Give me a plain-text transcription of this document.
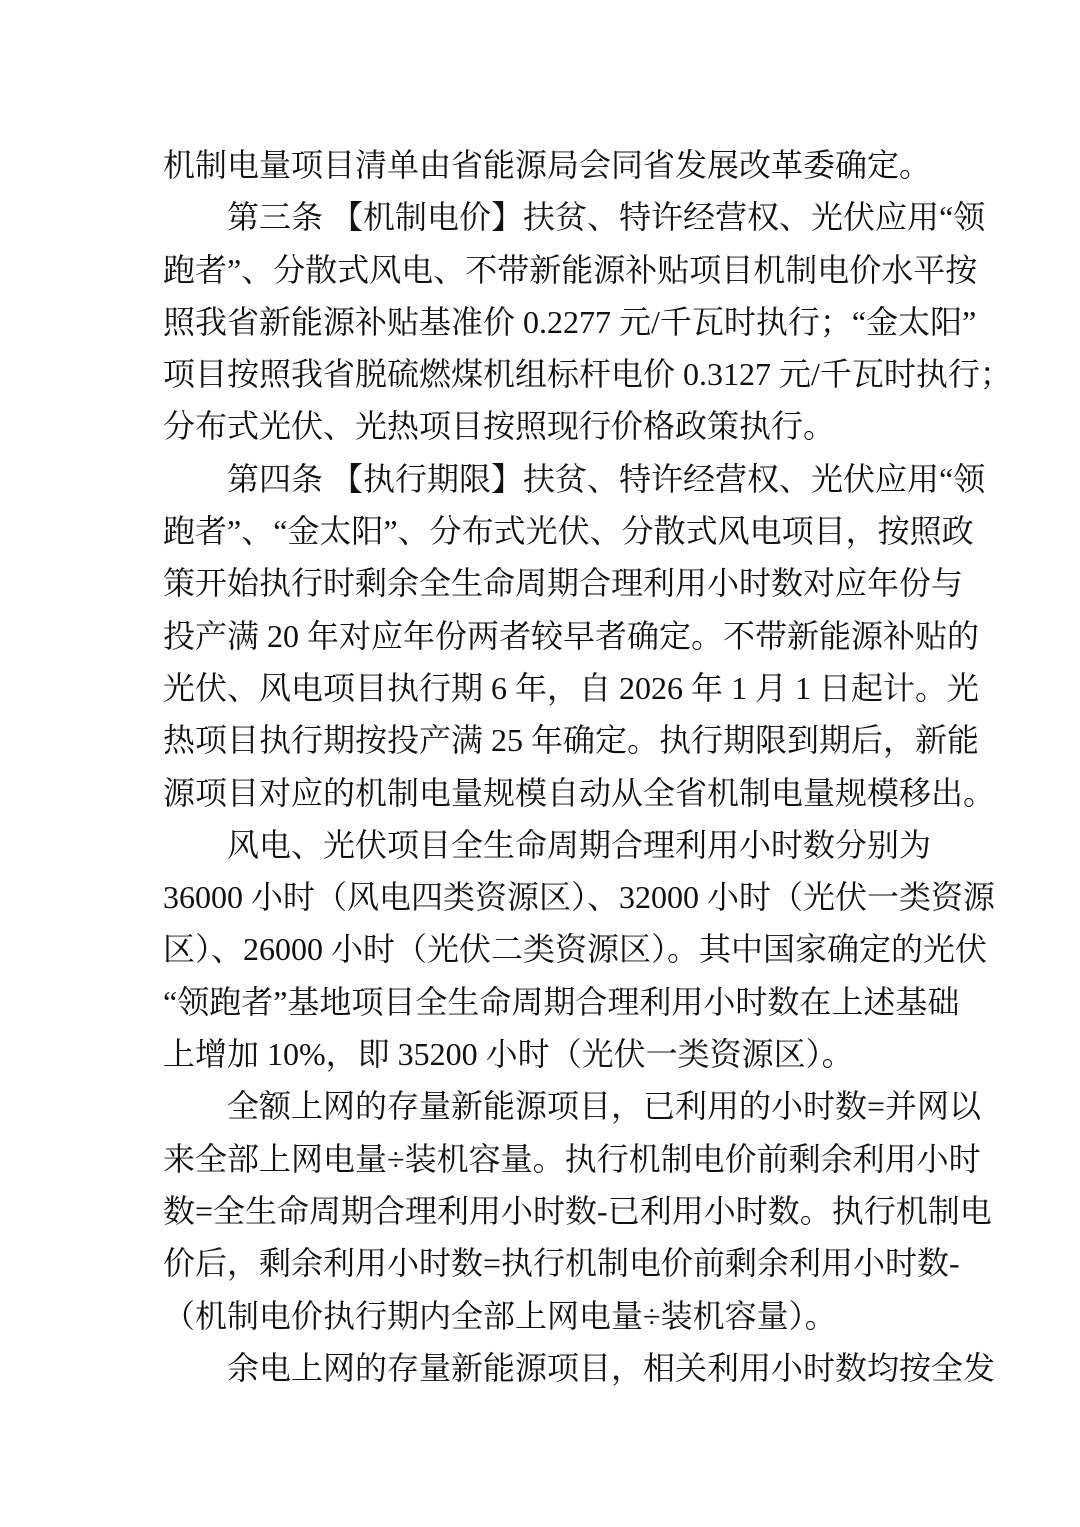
机制电量项目清单由省能源局会同省发展改革委确定。
第三条 【机制电价】扶贫、特许经营权、光伏应用“领
跑者”、分散式风电、不带新能源补贴项目机制电价水平按
照我省新能源补贴基准价 0.2277 元/千瓦时执行；“金太阳”
项目按照我省脱硫燃煤机组标杆电价 0.3127 元/千瓦时执行；
分布式光伏、光热项目按照现行价格政策执行。
第四条 【执行期限】扶贫、特许经营权、光伏应用“领
跑者”、“金太阳”、分布式光伏、分散式风电项目，按照政
策开始执行时剩余全生命周期合理利用小时数对应年份与
投产满 20 年对应年份两者较早者确定。不带新能源补贴的
光伏、风电项目执行期 6 年，自 2026 年 1 月 1 日起计。光
热项目执行期按投产满 25 年确定。执行期限到期后，新能
源项目对应的机制电量规模自动从全省机制电量规模移出。
风电、光伏项目全生命周期合理利用小时数分别为
36000 小时（风电四类资源区）、32000 小时（光伏一类资源
区）、26000 小时（光伏二类资源区）。其中国家确定的光伏
“领跑者”基地项目全生命周期合理利用小时数在上述基础
上增加 10%，即 35200 小时（光伏一类资源区）。
全额上网的存量新能源项目，已利用的小时数=并网以
来全部上网电量÷装机容量。执行机制电价前剩余利用小时
数=全生命周期合理利用小时数-已利用小时数。执行机制电
价后，剩余利用小时数=执行机制电价前剩余利用小时数-
（机制电价执行期内全部上网电量÷装机容量）。
余电上网的存量新能源项目，相关利用小时数均按全发
